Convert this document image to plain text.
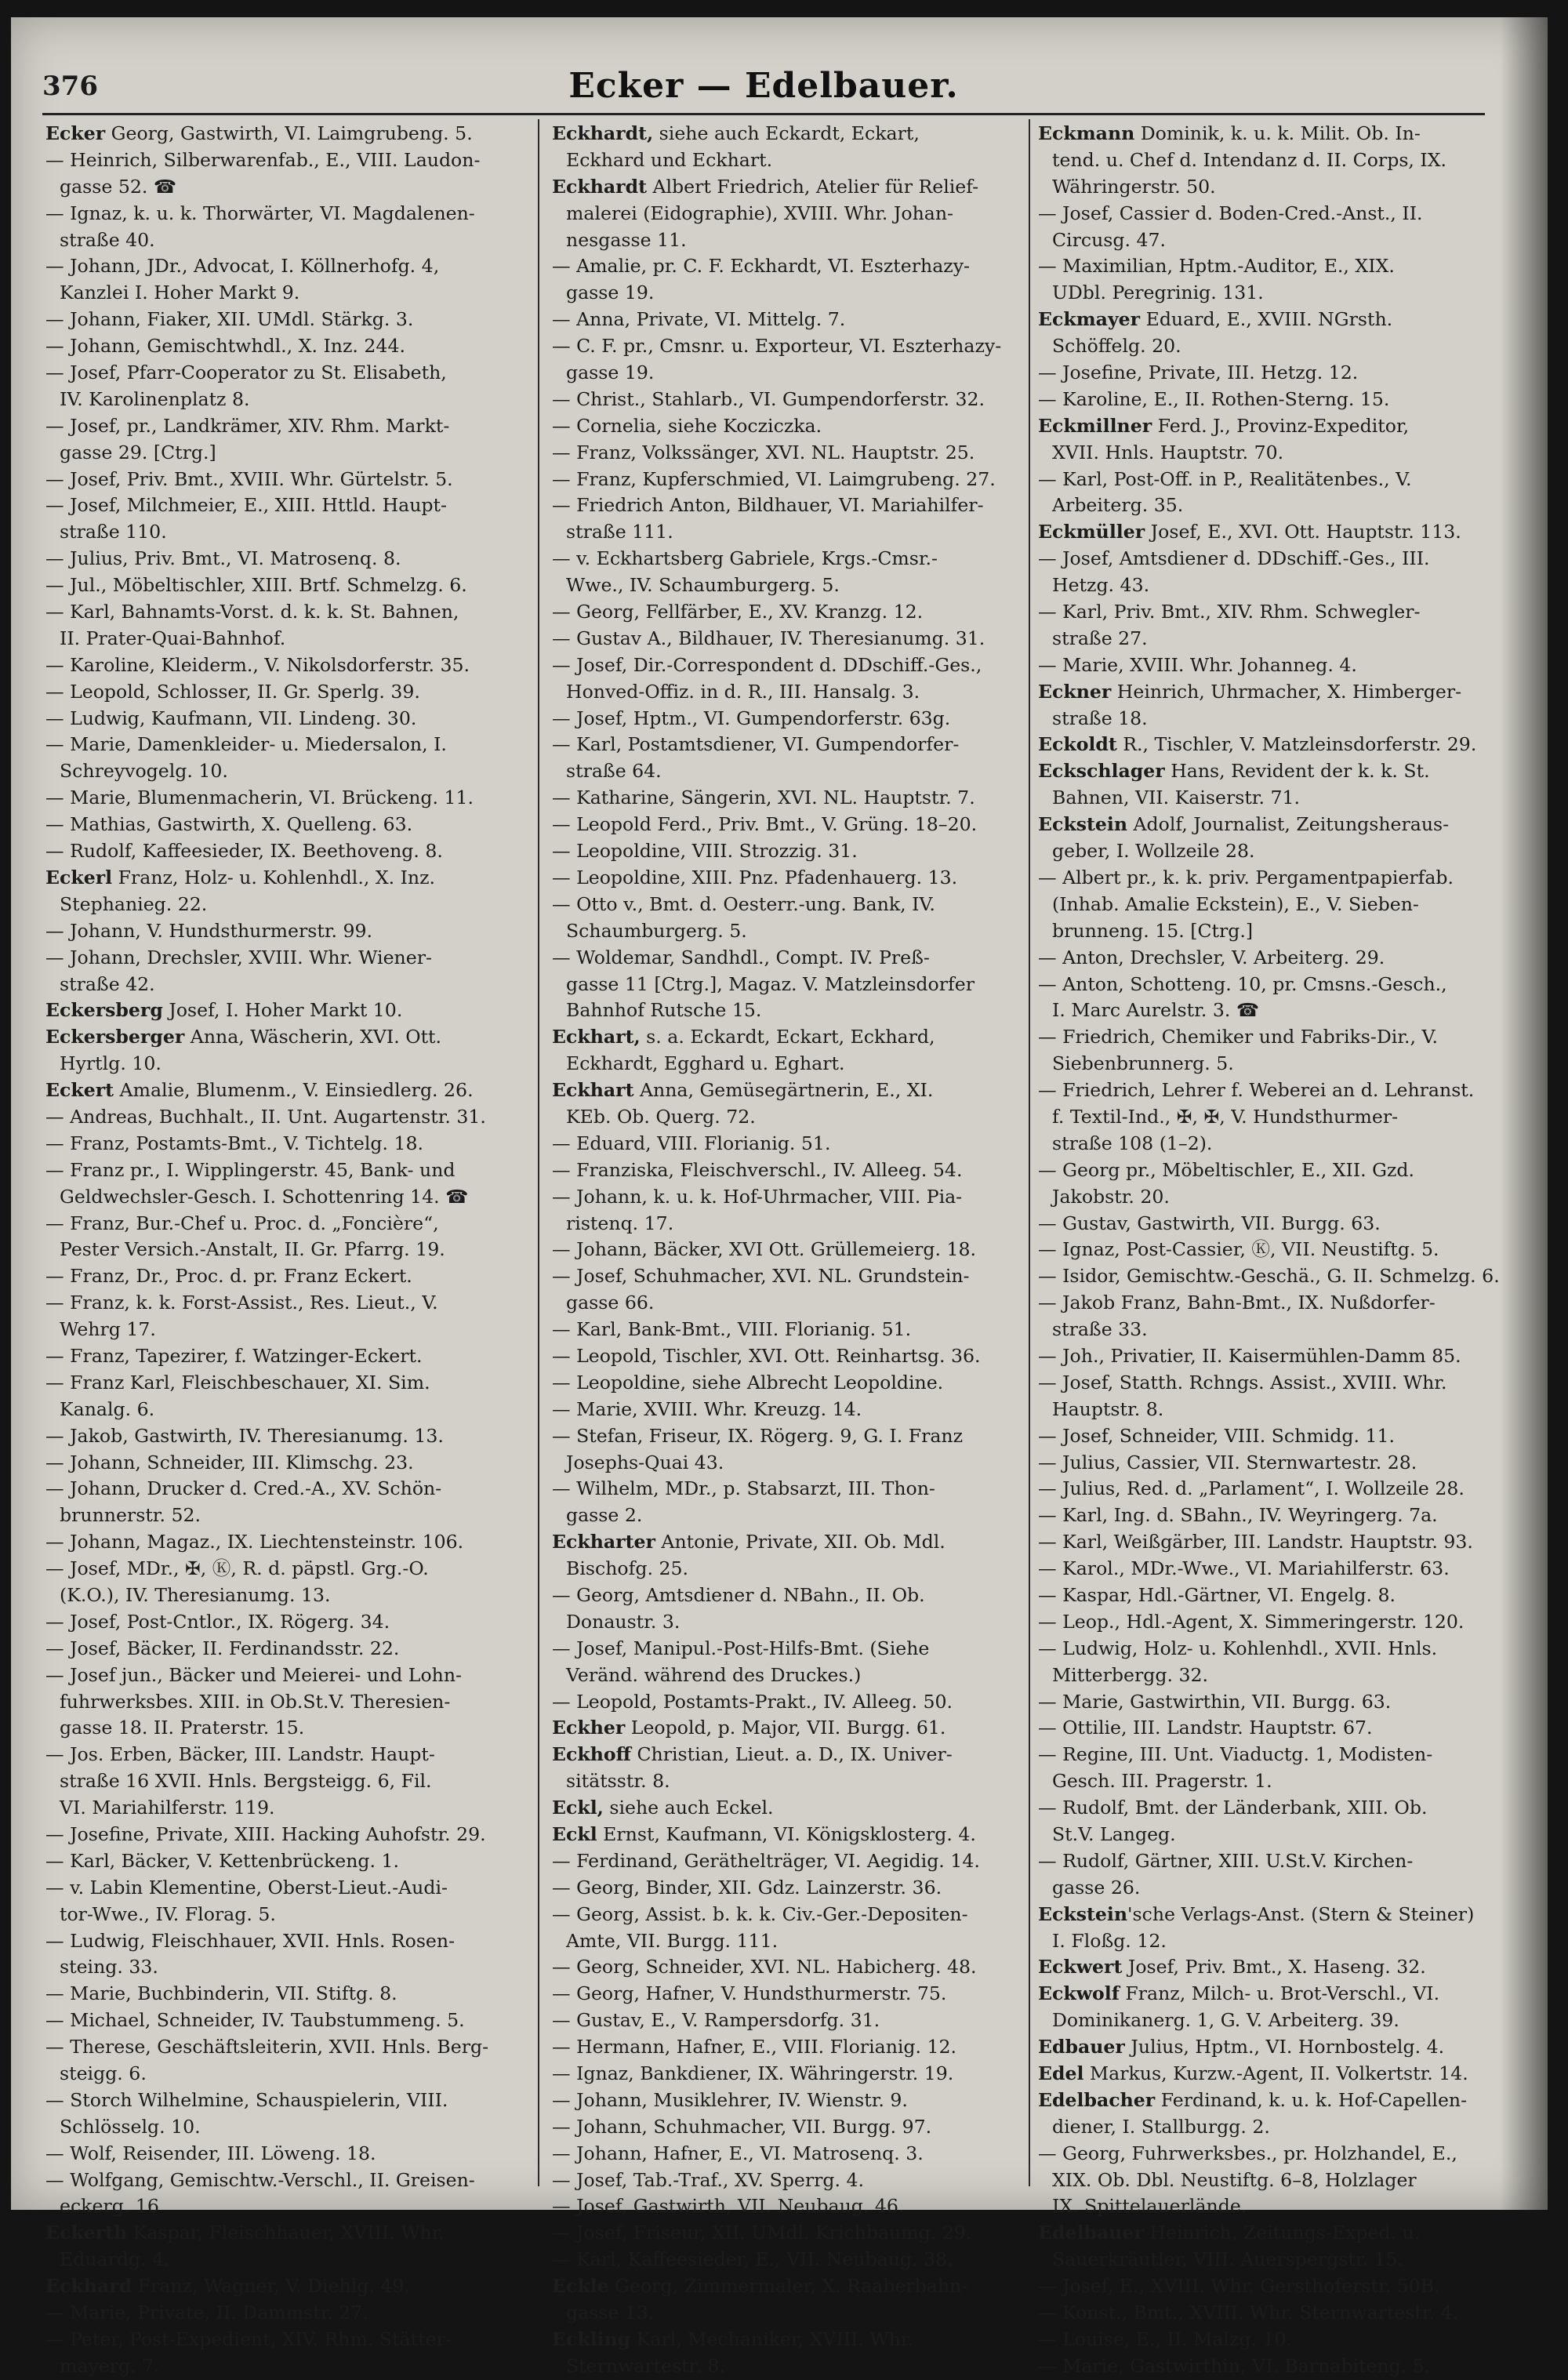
376	Ecker — Edelbauer.
Ecker Georg, Gastwirth, VI. Laimgrubeng. 5.
— Heinrich, Silberwarenfab., E., VIII. Laudon-
gasse 52. ☎
— Ignaz, k. u. k. Thorwärter, VI. Magdalenen-
straße 40.
— Johann, JDr., Advocat, I. Köllnerhofg. 4,
Kanzlei I. Hoher Markt 9.
— Johann, Fiaker, XII. UMdl. Stärkg. 3.
— Johann, Gemischtwhdl., X. Inz. 244.
— Josef, Pfarr-Cooperator zu St. Elisabeth,
IV. Karolinenplatz 8.
— Josef, pr., Landkrämer, XIV. Rhm. Markt-
gasse 29. [Ctrg.]
— Josef, Priv. Bmt., XVIII. Whr. Gürtelstr. 5.
— Josef, Milchmeier, E., XIII. Httld. Haupt-
straße 110.
— Julius, Priv. Bmt., VI. Matrosenq. 8.
— Jul., Möbeltischler, XIII. Brtf. Schmelzg. 6.
— Karl, Bahnamts-Vorst. d. k. k. St. Bahnen,
II. Prater-Quai-Bahnhof.
— Karoline, Kleiderm., V. Nikolsdorferstr. 35.
— Leopold, Schlosser, II. Gr. Sperlg. 39.
— Ludwig, Kaufmann, VII. Lindeng. 30.
— Marie, Damenkleider- u. Miedersalon, I.
Schreyvogelg. 10.
— Marie, Blumenmacherin, VI. Brückeng. 11.
— Mathias, Gastwirth, X. Quelleng. 63.
— Rudolf, Kaffeesieder, IX. Beethoveng. 8.
Eckerl Franz, Holz- u. Kohlenhdl., X. Inz.
Stephanieg. 22.
— Johann, V. Hundsthurmerstr. 99.
— Johann, Drechsler, XVIII. Whr. Wiener-
straße 42.
Eckersberg Josef, I. Hoher Markt 10.
Eckersberger Anna, Wäscherin, XVI. Ott.
Hyrtlg. 10.
Eckert Amalie, Blumenm., V. Einsiedlerg. 26.
— Andreas, Buchhalt., II. Unt. Augartenstr. 31.
— Franz, Postamts-Bmt., V. Tichtelg. 18.
— Franz pr., I. Wipplingerstr. 45, Bank- und
Geldwechsler-Gesch. I. Schottenring 14. ☎
— Franz, Bur.-Chef u. Proc. d. „Foncière“,
Pester Versich.-Anstalt, II. Gr. Pfarrg. 19.
— Franz, Dr., Proc. d. pr. Franz Eckert.
— Franz, k. k. Forst-Assist., Res. Lieut., V.
Wehrg 17.
— Franz, Tapezirer, f. Watzinger-Eckert.
— Franz Karl, Fleischbeschauer, XI. Sim.
Kanalg. 6.
— Jakob, Gastwirth, IV. Theresianumg. 13.
— Johann, Schneider, III. Klimschg. 23.
— Johann, Drucker d. Cred.-A., XV. Schön-
brunnerstr. 52.
— Johann, Magaz., IX. Liechtensteinstr. 106.
— Josef, MDr., ✠, Ⓚ, R. d. päpstl. Grg.-O.
(K.O.), IV. Theresianumg. 13.
— Josef, Post-Cntlor., IX. Rögerg. 34.
— Josef, Bäcker, II. Ferdinandsstr. 22.
— Josef jun., Bäcker und Meierei- und Lohn-
fuhrwerksbes. XIII. in Ob.St.V. Theresien-
gasse 18. II. Praterstr. 15.
— Jos. Erben, Bäcker, III. Landstr. Haupt-
straße 16 XVII. Hnls. Bergsteigg. 6, Fil.
VI. Mariahilferstr. 119.
— Josefine, Private, XIII. Hacking Auhofstr. 29.
— Karl, Bäcker, V. Kettenbrückeng. 1.
— v. Labin Klementine, Oberst-Lieut.-Audi-
tor-Wwe., IV. Florag. 5.
— Ludwig, Fleischhauer, XVII. Hnls. Rosen-
steing. 33.
— Marie, Buchbinderin, VII. Stiftg. 8.
— Michael, Schneider, IV. Taubstummeng. 5.
— Therese, Geschäftsleiterin, XVII. Hnls. Berg-
steigg. 6.
— Storch Wilhelmine, Schauspielerin, VIII.
Schlösselg. 10.
— Wolf, Reisender, III. Löweng. 18.
— Wolfgang, Gemischtw.-Verschl., II. Greisen-
eckerg. 16
Eckerth Kaspar, Fleischhauer, XVIII. Whr.
Eduardg. 4.
Eckhard Franz, Wagner, V. Diehlg. 49.
— Marie, Private, II. Dammstr. 27.
— Peter, Post-Expedient, XIV. Rhm. Stätter-
mayerg. 7.
Eckhardt, siehe auch Eckardt, Eckart,
Eckhard und Eckhart.
Eckhardt Albert Friedrich, Atelier für Relief-
malerei (Eidographie), XVIII. Whr. Johan-
nesgasse 11.
— Amalie, pr. C. F. Eckhardt, VI. Eszterhazy-
gasse 19.
— Anna, Private, VI. Mittelg. 7.
— C. F. pr., Cmsnr. u. Exporteur, VI. Eszterhazy-
gasse 19.
— Christ., Stahlarb., VI. Gumpendorferstr. 32.
— Cornelia, siehe Kocziczka.
— Franz, Volkssänger, XVI. NL. Hauptstr. 25.
— Franz, Kupferschmied, VI. Laimgrubeng. 27.
— Friedrich Anton, Bildhauer, VI. Mariahilfer-
straße 111.
— v. Eckhartsberg Gabriele, Krgs.-Cmsr.-
Wwe., IV. Schaumburgerg. 5.
— Georg, Fellfärber, E., XV. Kranzg. 12.
— Gustav A., Bildhauer, IV. Theresianumg. 31.
— Josef, Dir.-Correspondent d. DDschiff.-Ges.,
Honved-Offiz. in d. R., III. Hansalg. 3.
— Josef, Hptm., VI. Gumpendorferstr. 63g.
— Karl, Postamtsdiener, VI. Gumpendorfer-
straße 64.
— Katharine, Sängerin, XVI. NL. Hauptstr. 7.
— Leopold Ferd., Priv. Bmt., V. Grüng. 18–20.
— Leopoldine, VIII. Strozzig. 31.
— Leopoldine, XIII. Pnz. Pfadenhauerg. 13.
— Otto v., Bmt. d. Oesterr.-ung. Bank, IV.
Schaumburgerg. 5.
— Woldemar, Sandhdl., Compt. IV. Preß-
gasse 11 [Ctrg.], Magaz. V. Matzleinsdorfer
Bahnhof Rutsche 15.
Eckhart, s. a. Eckardt, Eckart, Eckhard,
Eckhardt, Egghard u. Eghart.
Eckhart Anna, Gemüsegärtnerin, E., XI.
KEb. Ob. Querg. 72.
— Eduard, VIII. Florianig. 51.
— Franziska, Fleischverschl., IV. Alleeg. 54.
— Johann, k. u. k. Hof-Uhrmacher, VIII. Pia-
ristenq. 17.
— Johann, Bäcker, XVI Ott. Grüllemeierg. 18.
— Josef, Schuhmacher, XVI. NL. Grundstein-
gasse 66.
— Karl, Bank-Bmt., VIII. Florianig. 51.
— Leopold, Tischler, XVI. Ott. Reinhartsg. 36.
— Leopoldine, siehe Albrecht Leopoldine.
— Marie, XVIII. Whr. Kreuzg. 14.
— Stefan, Friseur, IX. Rögerg. 9, G. I. Franz
Josephs-Quai 43.
— Wilhelm, MDr., p. Stabsarzt, III. Thon-
gasse 2.
Eckharter Antonie, Private, XII. Ob. Mdl.
Bischofg. 25.
— Georg, Amtsdiener d. NBahn., II. Ob.
Donaustr. 3.
— Josef, Manipul.-Post-Hilfs-Bmt. (Siehe
Veränd. während des Druckes.)
— Leopold, Postamts-Prakt., IV. Alleeg. 50.
Eckher Leopold, p. Major, VII. Burgg. 61.
Eckhoff Christian, Lieut. a. D., IX. Univer-
sitätsstr. 8.
Eckl, siehe auch Eckel.
Eckl Ernst, Kaufmann, VI. Königsklosterg. 4.
— Ferdinand, Geräthelträger, VI. Aegidig. 14.
— Georg, Binder, XII. Gdz. Lainzerstr. 36.
— Georg, Assist. b. k. k. Civ.-Ger.-Depositen-
Amte, VII. Burgg. 111.
— Georg, Schneider, XVI. NL. Habicherg. 48.
— Georg, Hafner, V. Hundsthurmerstr. 75.
— Gustav, E., V. Rampersdorfg. 31.
— Hermann, Hafner, E., VIII. Florianig. 12.
— Ignaz, Bankdiener, IX. Währingerstr. 19.
— Johann, Musiklehrer, IV. Wienstr. 9.
— Johann, Schuhmacher, VII. Burgg. 97.
— Johann, Hafner, E., VI. Matrosenq. 3.
— Josef, Tab.-Traf., XV. Sperrg. 4.
— Josef, Gastwirth, VII. Neubaug. 46.
— Josef, Friseur, XII. UMdl. Krichbaumg. 29.
— Karl, Kaffeesieder, E., VII. Neubaug. 38.
Eckle Georg, Zimmermaler, X. Raaberbahn-
gasse 13.
Eckling Karl, Mechaniker, XVIII. Whr.
Sternwartestr. 8.
Eckmann Dominik, k. u. k. Milit. Ob. In-
tend. u. Chef d. Intendanz d. II. Corps, IX.
Währingerstr. 50.
— Josef, Cassier d. Boden-Cred.-Anst., II.
Circusg. 47.
— Maximilian, Hptm.-Auditor, E., XIX.
UDbl. Peregrinig. 131.
Eckmayer Eduard, E., XVIII. NGrsth.
Schöffelg. 20.
— Josefine, Private, III. Hetzg. 12.
— Karoline, E., II. Rothen-Sterng. 15.
Eckmillner Ferd. J., Provinz-Expeditor,
XVII. Hnls. Hauptstr. 70.
— Karl, Post-Off. in P., Realitätenbes., V.
Arbeiterg. 35.
Eckmüller Josef, E., XVI. Ott. Hauptstr. 113.
— Josef, Amtsdiener d. DDschiff.-Ges., III.
Hetzg. 43.
— Karl, Priv. Bmt., XIV. Rhm. Schwegler-
straße 27.
— Marie, XVIII. Whr. Johanneg. 4.
Eckner Heinrich, Uhrmacher, X. Himberger-
straße 18.
Eckoldt R., Tischler, V. Matzleinsdorferstr. 29.
Eckschlager Hans, Revident der k. k. St.
Bahnen, VII. Kaiserstr. 71.
Eckstein Adolf, Journalist, Zeitungsheraus-
geber, I. Wollzeile 28.
— Albert pr., k. k. priv. Pergamentpapierfab.
(Inhab. Amalie Eckstein), E., V. Sieben-
brunneng. 15. [Ctrg.]
— Anton, Drechsler, V. Arbeiterg. 29.
— Anton, Schotteng. 10, pr. Cmsns.-Gesch.,
I. Marc Aurelstr. 3. ☎
— Friedrich, Chemiker und Fabriks-Dir., V.
Siebenbrunnerg. 5.
— Friedrich, Lehrer f. Weberei an d. Lehranst.
f. Textil-Ind., ✠, ✠, V. Hundsthurmer-
straße 108 (1–2).
— Georg pr., Möbeltischler, E., XII. Gzd.
Jakobstr. 20.
— Gustav, Gastwirth, VII. Burgg. 63.
— Ignaz, Post-Cassier, Ⓚ, VII. Neustiftg. 5.
— Isidor, Gemischtw.-Geschä., G. II. Schmelzg. 6.
— Jakob Franz, Bahn-Bmt., IX. Nußdorfer-
straße 33.
— Joh., Privatier, II. Kaisermühlen-Damm 85.
— Josef, Statth. Rchngs. Assist., XVIII. Whr.
Hauptstr. 8.
— Josef, Schneider, VIII. Schmidg. 11.
— Julius, Cassier, VII. Sternwartestr. 28.
— Julius, Red. d. „Parlament“, I. Wollzeile 28.
— Karl, Ing. d. SBahn., IV. Weyringerg. 7a.
— Karl, Weißgärber, III. Landstr. Hauptstr. 93.
— Karol., MDr.-Wwe., VI. Mariahilferstr. 63.
— Kaspar, Hdl.-Gärtner, VI. Engelg. 8.
— Leop., Hdl.-Agent, X. Simmeringerstr. 120.
— Ludwig, Holz- u. Kohlenhdl., XVII. Hnls.
Mitterbergg. 32.
— Marie, Gastwirthin, VII. Burgg. 63.
— Ottilie, III. Landstr. Hauptstr. 67.
— Regine, III. Unt. Viaductg. 1, Modisten-
Gesch. III. Pragerstr. 1.
— Rudolf, Bmt. der Länderbank, XIII. Ob.
St.V. Langeg.
— Rudolf, Gärtner, XIII. U.St.V. Kirchen-
gasse 26.
Eckstein'sche Verlags-Anst. (Stern & Steiner)
I. Floßg. 12.
Eckwert Josef, Priv. Bmt., X. Haseng. 32.
Eckwolf Franz, Milch- u. Brot-Verschl., VI.
Dominikanerg. 1, G. V. Arbeiterg. 39.
Edbauer Julius, Hptm., VI. Hornbostelg. 4.
Edel Markus, Kurzw.-Agent, II. Volkertstr. 14.
Edelbacher Ferdinand, k. u. k. Hof-Capellen-
diener, I. Stallburgg. 2.
— Georg, Fuhrwerksbes., pr. Holzhandel, E.,
XIX. Ob. Dbl. Neustiftg. 6–8, Holzlager
IX. Spittelauerlände.
Edelbauer Heinrich, Zeitungs-Exped. u.
Sauerkräutler, VIII. Auerspergstr. 15.
— Josef, E., XVIII. Whr. Gersthoferstr. 50B.
— Konst., Bmt., XVIII. Whr. Sternwartestr. 4.
— Louise, E., II. Malzg. 10.
— Marie, Gastwirthin, VI. Barnabiteng. 5.
